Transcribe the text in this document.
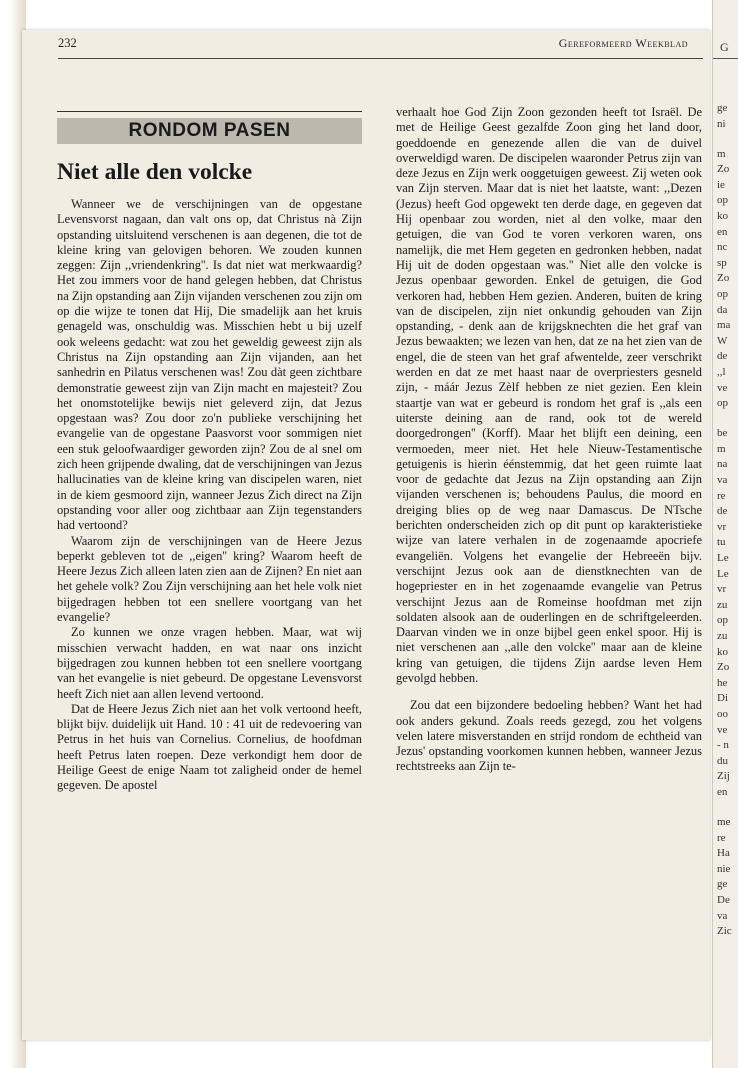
232	Gereformeerd Weekblad
RONDOM PASEN
Niet alle den volcke

Wanneer we de verschijningen van de opgestane Levensvorst nagaan, dan valt ons op, dat Christus nà Zijn opstanding uitsluitend verschenen is aan degenen, die tot de kleine kring van gelovigen behoren. We zouden kunnen zeggen: Zijn ,,vriendenkring''. Is dat niet wat merkwaardig? Het zou immers voor de hand gelegen hebben, dat Christus na Zijn opstanding aan Zijn vijanden verschenen zou zijn om op die wijze te tonen dat Hij, Die smadelijk aan het kruis genageld was, onschuldig was. Misschien hebt u bij uzelf ook weleens gedacht: wat zou het geweldig geweest zijn als Christus na Zijn opstanding aan Zijn vijanden, aan het sanhedrin en Pilatus verschenen was! Zou dàt geen zichtbare demonstratie geweest zijn van Zijn macht en majesteit? Zou het onomstotelijke bewijs niet geleverd zijn, dat Jezus opgestaan was? Zou door zo'n publieke verschijning het evangelie van de opgestane Paasvorst voor sommigen niet een stuk geloofwaardiger geworden zijn? Zou de al snel om zich heen grijpende dwaling, dat de verschijningen van Jezus hallucinaties van de kleine kring van discipelen waren, niet in de kiem gesmoord zijn, wanneer Jezus Zich direct na Zijn opstanding voor aller oog zichtbaar aan Zijn tegenstanders had vertoond?

Waarom zijn de verschijningen van de Heere Jezus beperkt gebleven tot de ,,eigen'' kring? Waarom heeft de Heere Jezus Zich alleen laten zien aan de Zijnen? En niet aan het gehele volk? Zou Zijn verschijning aan het hele volk niet bijgedragen hebben tot een snellere voortgang van het evangelie?

Zo kunnen we onze vragen hebben. Maar, wat wij misschien verwacht hadden, en wat naar ons inzicht bijgedragen zou kunnen hebben tot een snellere voortgang van het evangelie is niet gebeurd. De opgestane Levensvorst heeft Zich niet aan allen levend vertoond.

Dat de Heere Jezus Zich niet aan het volk vertoond heeft, blijkt bijv. duidelijk uit Hand. 10 : 41 uit de redevoering van Petrus in het huis van Cornelius. Cornelius, de hoofdman heeft Petrus laten roepen. Deze verkondigt hem door de Heilige Geest de enige Naam tot zaligheid onder de hemel gegeven. De apostel

verhaalt hoe God Zijn Zoon gezonden heeft tot Israël. De met de Heilige Geest gezalfde Zoon ging het land door, goeddoende en genezende allen die van de duivel overweldigd waren. De discipelen waaronder Petrus zijn van deze Jezus en Zijn werk ooggetuigen geweest. Zij weten ook van Zijn sterven. Maar dat is niet het laatste, want: ,,Dezen (Jezus) heeft God opgewekt ten derde dage, en gegeven dat Hij openbaar zou worden, niet al den volke, maar den getuigen, die van God te voren verkoren waren, ons namelijk, die met Hem gegeten en gedronken hebben, nadat Hij uit de doden opgestaan was.'' Niet alle den volcke is Jezus openbaar geworden. Enkel de getuigen, die God verkoren had, hebben Hem gezien. Anderen, buiten de kring van de discipelen, zijn niet onkundig gehouden van Zijn opstanding, - denk aan de krijgsknechten die het graf van Jezus bewaakten; we lezen van hen, dat ze na het zien van de engel, die de steen van het graf afwentelde, zeer verschrikt werden en dat ze met haast naar de overpriesters gesneld zijn, - máár Jezus Zèlf hebben ze niet gezien. Een klein staartje van wat er gebeurd is rondom het graf is ,,als een uiterste deining aan de rand, ook tot de wereld doorgedrongen'' (Korff). Maar het blijft een deining, een vermoeden, meer niet. Het hele Nieuw-Testamentische getuigenis is hierin éénstemmig, dat het geen ruimte laat voor de gedachte dat Jezus na Zijn opstanding aan Zijn vijanden verschenen is; behoudens Paulus, die moord en dreiging blies op de weg naar Damascus. De NTsche berichten onderscheiden zich op dit punt op karakteristieke wijze van latere verhalen in de zogenaamde apocriefe evangeliën. Volgens het evangelie der Hebreeën bijv. verschijnt Jezus ook aan de dienstknechten van de hogepriester en in het zogenaamde evangelie van Petrus verschijnt Jezus aan de Romeinse hoofdman met zijn soldaten alsook aan de ouderlingen en de schriftgeleerden. Daarvan vinden we in onze bijbel geen enkel spoor. Hij is niet verschenen aan ,,alle den volcke'' maar aan de kleine kring van getuigen, die tijdens Zijn aardse leven Hem gevolgd hebben.

Zou dat een bijzondere bedoeling hebben? Want het had ook anders gekund. Zoals reeds gezegd, zou het volgens velen latere misverstanden en strijd rondom de echtheid van Jezus' opstanding voorkomen kunnen hebben, wanneer Jezus rechtstreeks aan Zijn te-

G
ge
ni
m
Zo
ie
op
ko
en
nc
sp
Zo
op
da
ma
W
de
,,l
ve
op
be
m
na
va
re
de
vr
tu
Le
Le
vr
zu
op
zu
ko
Zo
he
Di
oo
ve
- n
du
Zij
en
me
re
Ha
nie
ge
De
va
Zic
